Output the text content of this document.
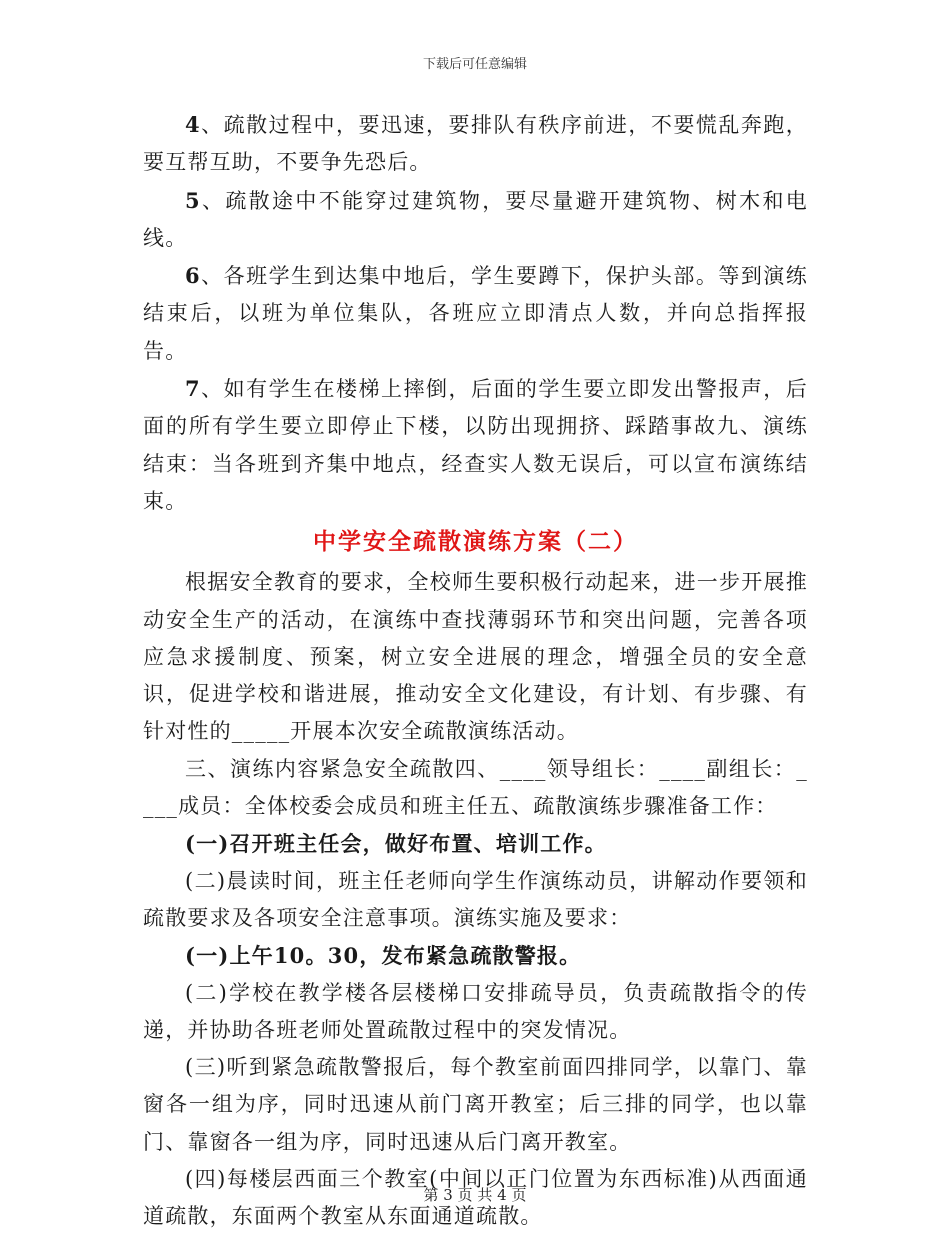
下载后可任意编辑

4、疏散过程中，要迅速，要排队有秩序前进，不要慌乱奔跑，要互帮互助，不要争先恐后。

5、疏散途中不能穿过建筑物，要尽量避开建筑物、树木和电线。

6、各班学生到达集中地后，学生要蹲下，保护头部。等到演练结束后，以班为单位集队，各班应立即清点人数，并向总指挥报告。

7、如有学生在楼梯上摔倒，后面的学生要立即发出警报声，后面的所有学生要立即停止下楼，以防出现拥挤、踩踏事故九、演练结束：当各班到齐集中地点，经查实人数无误后，可以宣布演练结束。

中学安全疏散演练方案（二）

根据安全教育的要求，全校师生要积极行动起来，进一步开展推动安全生产的活动，在演练中查找薄弱环节和突出问题，完善各项应急求援制度、预案，树立安全进展的理念，增强全员的安全意识，促进学校和谐进展，推动安全文化建设，有计划、有步骤、有针对性的_____开展本次安全疏散演练活动。

三、演练内容紧急安全疏散四、____领导组长：____副组长：____成员：全体校委会成员和班主任五、疏散演练步骤准备工作：

(一)召开班主任会，做好布置、培训工作。

(二)晨读时间，班主任老师向学生作演练动员，讲解动作要领和疏散要求及各项安全注意事项。演练实施及要求：

(一)上午10。30，发布紧急疏散警报。

(二)学校在教学楼各层楼梯口安排疏导员，负责疏散指令的传递，并协助各班老师处置疏散过程中的突发情况。

(三)听到紧急疏散警报后，每个教室前面四排同学，以靠门、靠窗各一组为序，同时迅速从前门离开教室；后三排的同学，也以靠门、靠窗各一组为序，同时迅速从后门离开教室。

(四)每楼层西面三个教室(中间以正门位置为东西标准)从西面通道疏散，东面两个教室从东面通道疏散。

第 3 页 共 4 页
